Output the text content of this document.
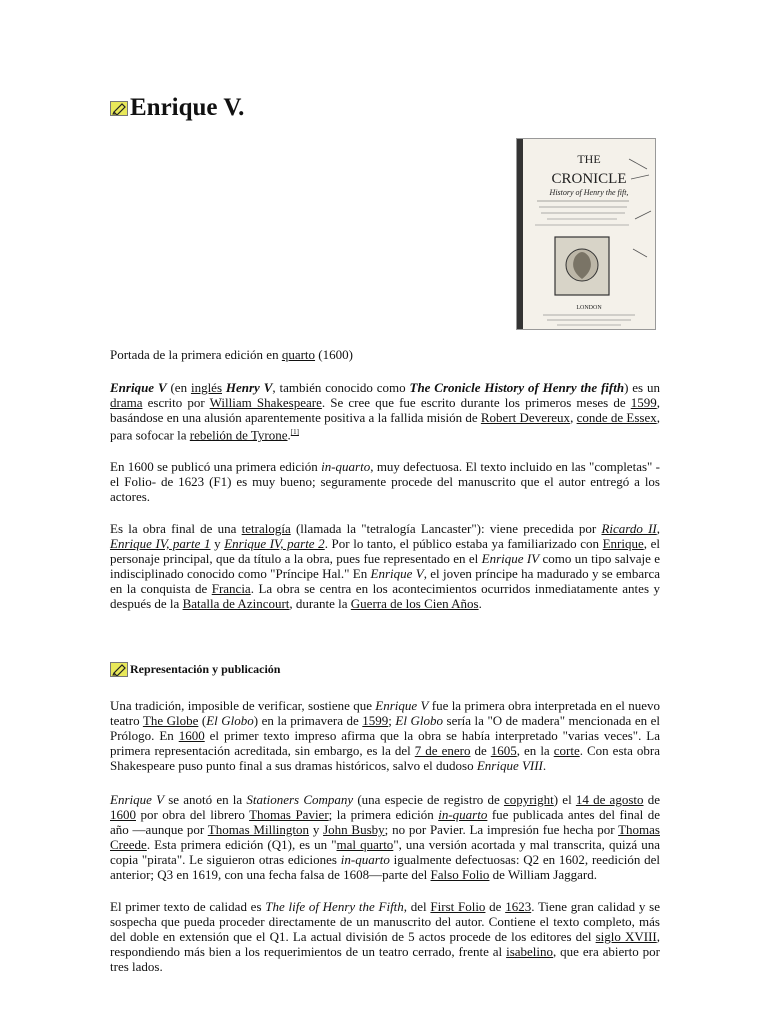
Enrique V.
THE
CRONICLE
History of Henry the fift,
LONDON
Portada de la primera edición en quarto (1600)

Enrique V (en inglés Henry V, también conocido como The Cronicle History of Henry the fifth) es un drama escrito por William Shakespeare. Se cree que fue escrito durante los primeros meses de 1599, basándose en una alusión aparentemente positiva a la fallida misión de Robert Devereux, conde de Essex, para sofocar la rebelión de Tyrone.[1]

En 1600 se publicó una primera edición in-quarto, muy defectuosa. El texto incluido en las "completas" - el Folio- de 1623 (F1) es muy bueno; seguramente procede del manuscrito que el autor entregó a los actores.

Es la obra final de una tetralogía (llamada la "tetralogía Lancaster"): viene precedida por Ricardo II, Enrique IV, parte 1 y Enrique IV, parte 2. Por lo tanto, el público estaba ya familiarizado con Enrique, el personaje principal, que da título a la obra, pues fue representado en el Enrique IV como un tipo salvaje e indisciplinado conocido como "Príncipe Hal." En Enrique V, el joven príncipe ha madurado y se embarca en la conquista de Francia. La obra se centra en los acontecimientos ocurridos inmediatamente antes y después de la Batalla de Azincourt, durante la Guerra de los Cien Años.

Representación y publicación

Una tradición, imposible de verificar, sostiene que Enrique V fue la primera obra interpretada en el nuevo teatro The Globe (El Globo) en la primavera de 1599; El Globo sería la "O de madera" mencionada en el Prólogo. En 1600 el primer texto impreso afirma que la obra se había interpretado "varias veces". La primera representación acreditada, sin embargo, es la del 7 de enero de 1605, en la corte. Con esta obra Shakespeare puso punto final a sus dramas históricos, salvo el dudoso Enrique VIII.

Enrique V se anotó en la Stationers Company (una especie de registro de copyright) el 14 de agosto de 1600 por obra del librero Thomas Pavier; la primera edición in-quarto fue publicada antes del final de año —aunque por Thomas Millington y John Busby; no por Pavier. La impresión fue hecha por Thomas Creede. Esta primera edición (Q1), es un "mal quarto", una versión acortada y mal transcrita, quizá una copia "pirata". Le siguieron otras ediciones in-quarto igualmente defectuosas: Q2 en 1602, reedición del anterior; Q3 en 1619, con una fecha falsa de 1608—parte del Falso Folio de William Jaggard.

El primer texto de calidad es The life of Henry the Fifth, del First Folio de 1623. Tiene gran calidad y se sospecha que pueda proceder directamente de un manuscrito del autor. Contiene el texto completo, más del doble en extensión que el Q1. La actual división de 5 actos procede de los editores del siglo XVIII, respondiendo más bien a los requerimientos de un teatro cerrado, frente al isabelino, que era abierto por tres lados.
